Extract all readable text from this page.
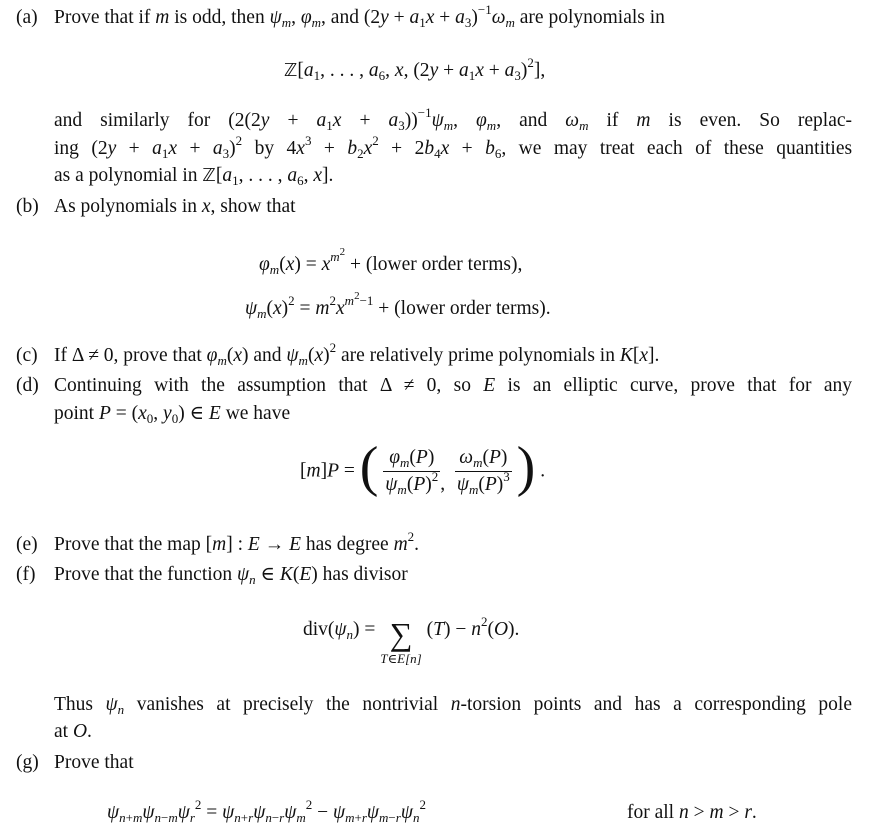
(a) Prove that if m is odd, then $\psi_m$, $\varphi_m$, and $(2y + a_1x + a_3)^{-1}\omega_m$ are polynomials in
$ℤ[a_1$, . . . , $a_6$, x, $(2y + a_1x + a_3)^2$],
and similarly for $(2(2y + a_1x + a_3))^{-1}\psi_m$, $\varphi_m$, and $\omega_m$ if m is even. So replac-
ing $(2y + a_1x + a_3)^2$ by $4x^3 + b_2x^2 + 2b_4x + b_6$, we may treat each of these quantities
as a polynomial in $ℤ[a_1$, . . . , $a_6$, x].
(b) As polynomials in x, show that
$\varphi_m(x) = x^{m^2}$ + (lower order terms),
$\psi_m(x)^2 = m^2x^{m^2-1}$ + (lower order terms).
(c) If Δ ≠ 0, prove that $\varphi_m(x)$ and $\psi_m(x)^2$ are relatively prime polynomials in K[x].
(d) Continuing with the assumption that Δ ≠ 0, so E is an elliptic curve, prove that for any
point $P = (x_0$, $y_0$) ∈ E we have
[m]P = ( $\frac{\varphi_m(P)}{\psi_m(P)^2}$ , $\frac{\omega_m(P)}{\psi_m(P)^3}$ ) .
(e) Prove that the map [m] : E → E has degree $m^2$.
(f) Prove that the function $\psi_n$ ∈ K(E) has divisor
$div(\psi_n)$ = ∑
T∈E[n]
$(T) - n^2(O)$.
Thus $\psi_n$ vanishes at precisely the nontrivial n-torsion points and has a corresponding pole
at O.
(g) Prove that
$\psi_{n+m}\psi_{n-m}\psi_r^2 = \psi_{n+r}\psi_{n-r}\psi_m^2 - \psi_{m+r}\psi_{m-r}\psi_n^2$	for all n > m > r.
